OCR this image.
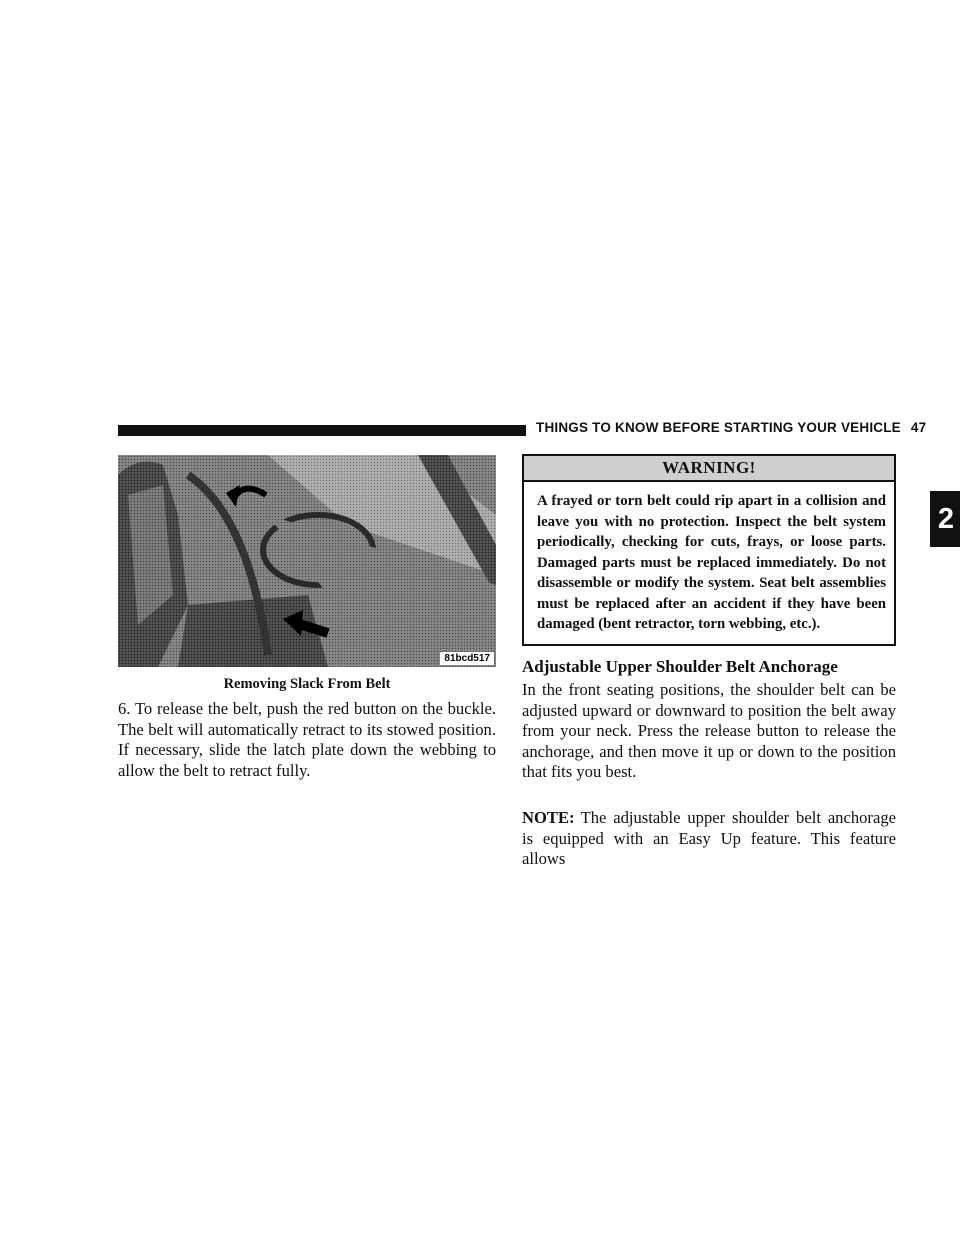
THINGS TO KNOW BEFORE STARTING YOUR VEHICLE 47
2
81bcd517
Removing Slack From Belt

6. To release the belt, push the red button on the buckle. The belt will automatically retract to its stowed position. If necessary, slide the latch plate down the webbing to allow the belt to retract fully.

WARNING!

A frayed or torn belt could rip apart in a collision and leave you with no protection. Inspect the belt system periodically, checking for cuts, frays, or loose parts. Damaged parts must be replaced immediately. Do not disassemble or modify the system. Seat belt assemblies must be replaced after an accident if they have been damaged (bent retractor, torn webbing, etc.).

Adjustable Upper Shoulder Belt Anchorage

In the front seating positions, the shoulder belt can be adjusted upward or downward to position the belt away from your neck. Press the release button to release the anchorage, and then move it up or down to the position that fits you best.

NOTE: The adjustable upper shoulder belt anchorage is equipped with an Easy Up feature. This feature allows
